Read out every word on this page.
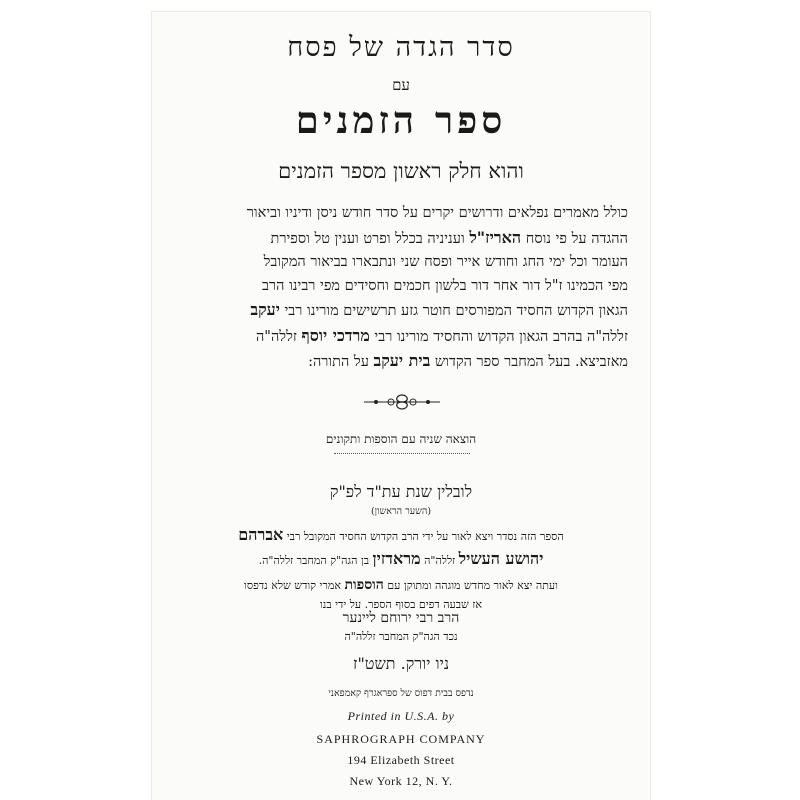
סדר הגדה של פסח
עם
ספר הזמנים
והוא חלק ראשון מספר הזמנים
כולל מאמרים נפלאים ודרושים יקרים על סדר חודש ניסן ודיניו וביאור
ההגדה על פי נוסח האריז"ל ועניניה בכלל ופרט וענין טל וספירת
העומר וכל ימי החג וחודש אייר ופסח שני ונתבארו בביאור המקובל
מפי הכמינו ז"ל דור אחר דור בלשון חכמים וחסידים מפי רבינו הרב
הגאון הקדוש החסיד המפורסים חוטר גזע תרשישים מורינו רבי יעקב
זללה"ה בהרב הגאון הקדוש והחסיד מורינו רבי מרדכי יוסף זללה"ה
מאזביצא. בעל המחבר ספר הקדוש בית יעקב על התורה:
הוצאה שניה עם הוספות ותקונים
לובלין שנת עת"ד לפ"ק
(השער הראשון)
הספר הזה נסדר ויצא לאור על ידי הרב הקדוש החסיד המקובל רבי אברהם
יהושע העשיל זללה"ה מראדזין בן הגה"ק המחבר זללה"ה.
ועתה יצא לאור מחדש מוגהה ומתוקן עם הוספות אמרי קודש שלא נדפסו
אז שבעה דפים בסוף הספר. על ידי בנו
הרב רבי ירוחם ליינער
נכד הגה"ק המחבר זללה"ה
ניו יורק. תשט"ז
נדפס בבית דפוס של ספראגרף קאמפאני
Printed in U.S.A. by
SAPHROGRAPH COMPANY
194 Elizabeth Street
New York 12, N. Y.
